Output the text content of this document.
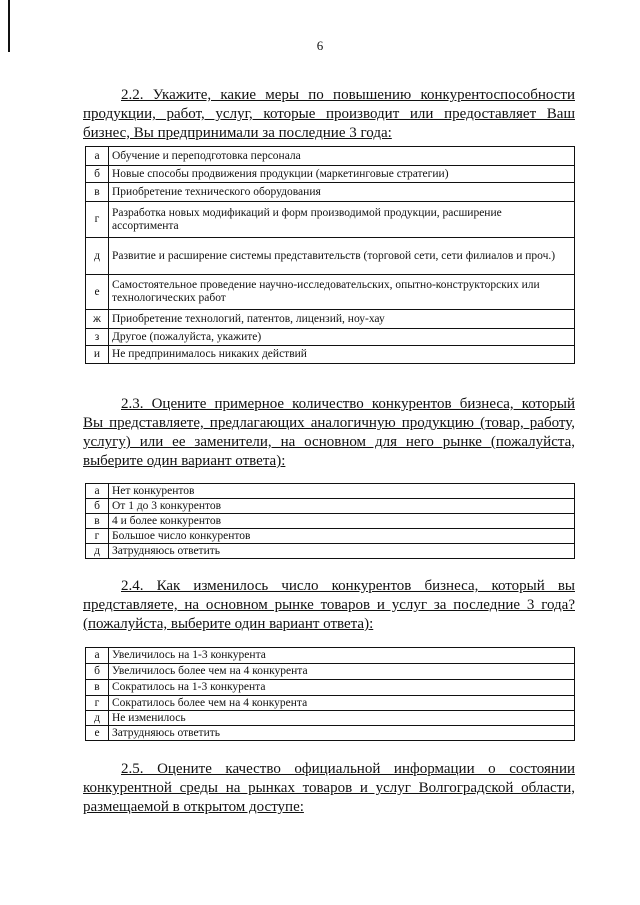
6
2.2. Укажите, какие меры по повышению конкурентоспособности
продукции, работ, услуг, которые производит или предоставляет Ваш
бизнес, Вы предпринимали за последние 3 года:
а	Обучение и переподготовка персонала
б	Новые способы продвижения продукции (маркетинговые стратегии)
в	Приобретение технического оборудования
г	Разработка новых модификаций и форм производимой продукции, расширение ассортимента
д	Развитие и расширение системы представительств (торговой сети, сети филиалов и проч.)
е	Самостоятельное проведение научно-исследовательских, опытно-конструкторских или технологических работ
ж	Приобретение технологий, патентов, лицензий, ноу-хау
з	Другое (пожалуйста, укажите)
и	Не предпринималось никаких действий
2.3. Оцените примерное количество конкурентов бизнеса, который
Вы представляете, предлагающих аналогичную продукцию (товар, работу,
услугу) или ее заменители, на основном для него рынке (пожалуйста,
выберите один вариант ответа):
а	Нет конкурентов
б	От 1 до 3 конкурентов
в	4 и более конкурентов
г	Большое число конкурентов
д	Затрудняюсь ответить
2.4. Как изменилось число конкурентов бизнеса, который вы
представляете, на основном рынке товаров и услуг за последние 3 года?
(пожалуйста, выберите один вариант ответа):
а	Увеличилось на 1-3 конкурента
б	Увеличилось более чем на 4 конкурента
в	Сократилось на 1-3 конкурента
г	Сократилось более чем на 4 конкурента
д	Не изменилось
е	Затрудняюсь ответить
2.5. Оцените качество официальной информации о состоянии
конкурентной среды на рынках товаров и услуг Волгоградской области,
размещаемой в открытом доступе:
